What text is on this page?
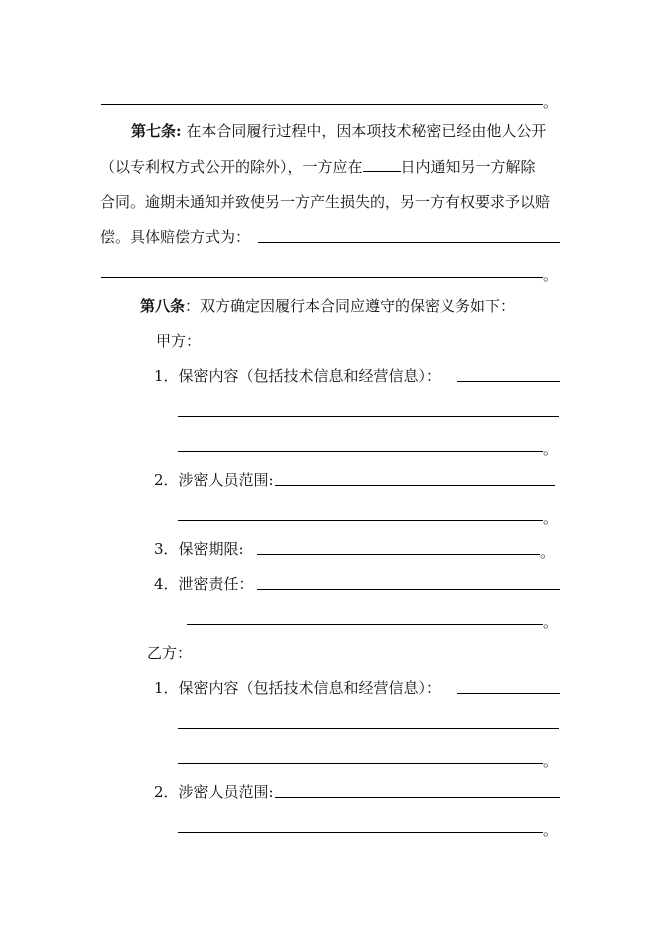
。
第七条: 在本合同履行过程中，因本项技术秘密已经由他人公开
（以专利权方式公开的除外），一方应在	日内通知另一方解除
合同。逾期未通知并致使另一方产生损失的，另一方有权要求予以赔
偿。具体赔偿方式为：
。
第八条：双方确定因履行本合同应遵守的保密义务如下：
甲方：
1．保密内容（包括技术信息和经营信息）：
。
2．涉密人员范围:
。
3．保密期限:	。
4．泄密责任：
。
乙方：
1．保密内容（包括技术信息和经营信息）：
。
2．涉密人员范围:
。
